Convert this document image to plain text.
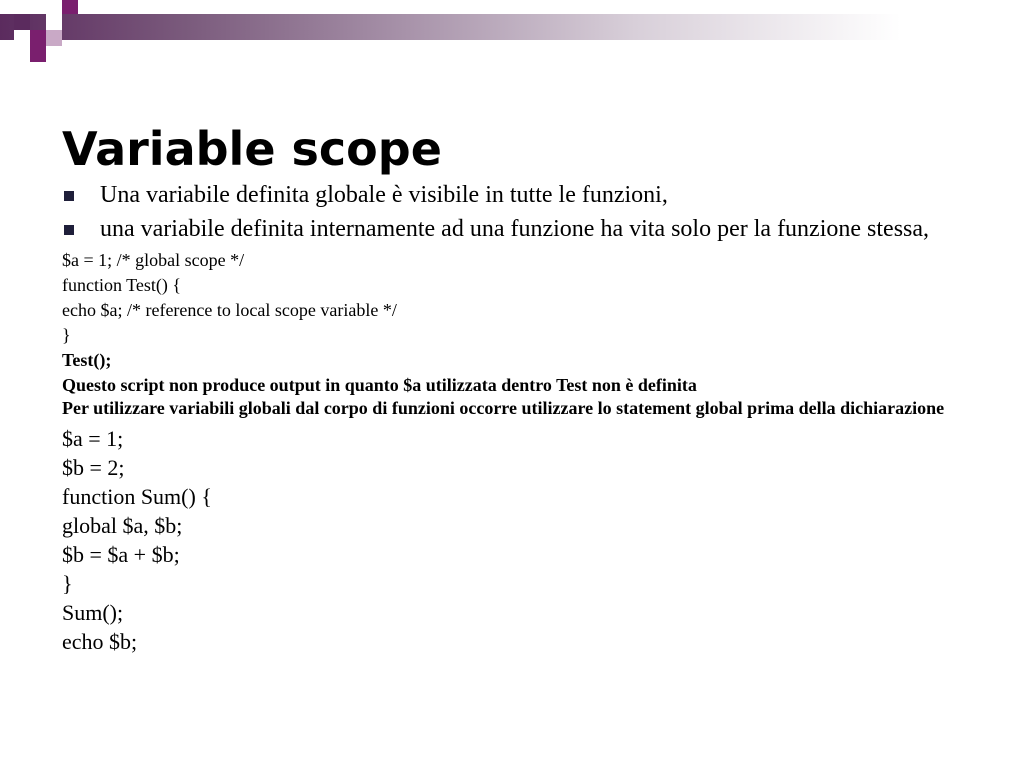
Variable scope
Una variabile definita globale è visibile in tutte le funzioni,
una variabile definita internamente ad una funzione ha vita solo per la funzione stessa,

$a = 1; /* global scope */

function Test() {

echo $a; /* reference to local scope variable */

}

Test();

Questo script non produce output in quanto $a utilizzata dentro Test non è definita

Per utilizzare variabili globali dal corpo di funzioni occorre utilizzare lo statement global prima della dichiarazione

$a = 1;

$b = 2;

function Sum() {

global $a, $b;

$b = $a + $b;

}

Sum();

echo $b;
